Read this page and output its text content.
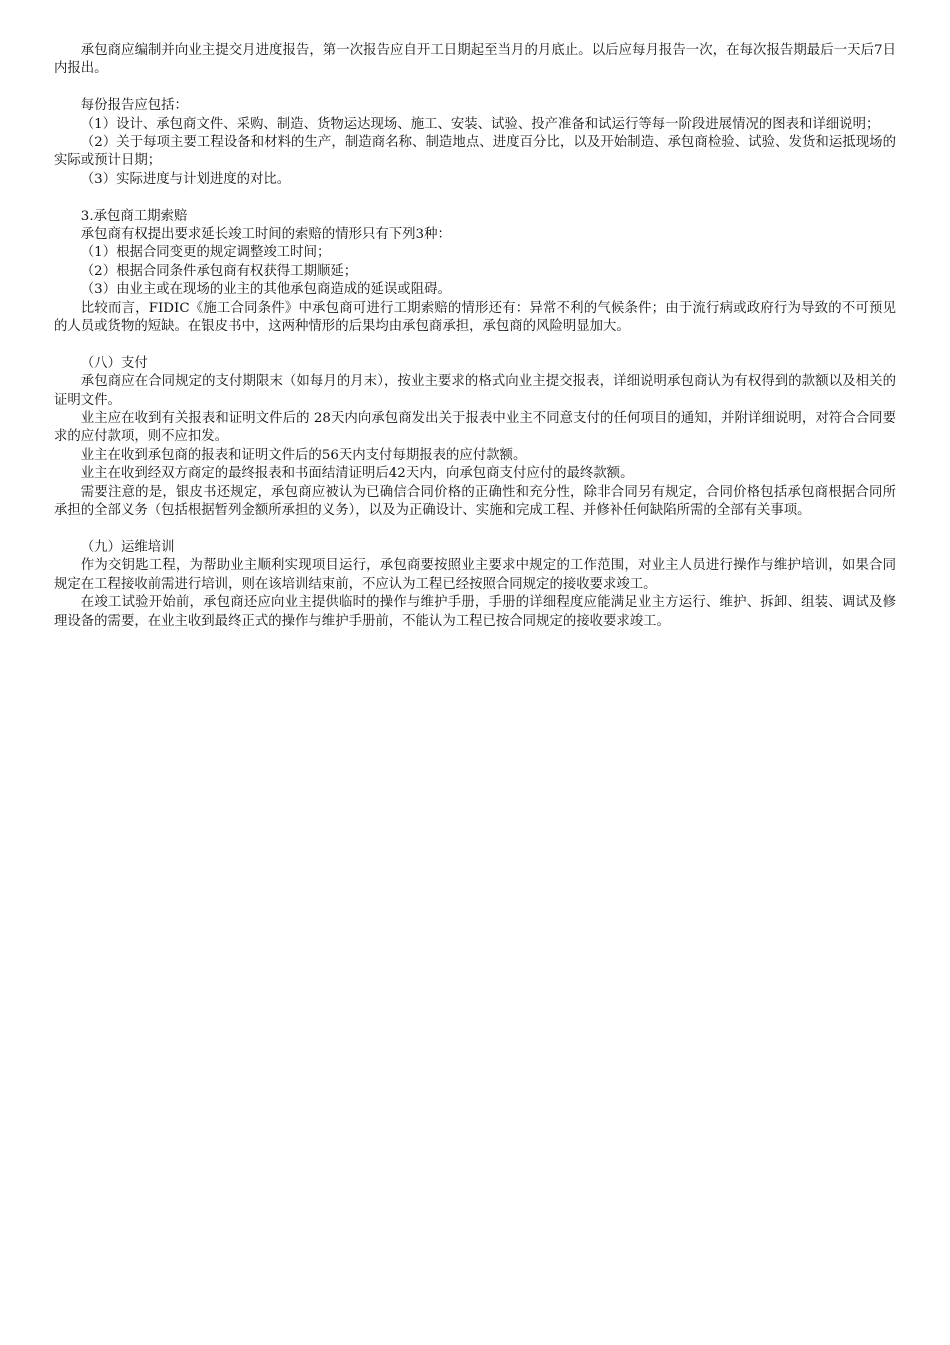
承包商应编制并向业主提交月进度报告，第一次报告应自开工日期起至当月的月底止。以后应每月报告一次，在每次报告期最后一天后7日内报出。

每份报告应包括：

（1）设计、承包商文件、采购、制造、货物运达现场、施工、安装、试验、投产准备和试运行等每一阶段进展情况的图表和详细说明；

（2）关于每项主要工程设备和材料的生产，制造商名称、制造地点、进度百分比，以及开始制造、承包商检验、试验、发货和运抵现场的实际或预计日期；

（3）实际进度与计划进度的对比。

3.承包商工期索赔

承包商有权提出要求延长竣工时间的索赔的情形只有下列3种：

（1）根据合同变更的规定调整竣工时间；

（2）根据合同条件承包商有权获得工期顺延；

（3）由业主或在现场的业主的其他承包商造成的延误或阻碍。

比较而言，FIDIC《施工合同条件》中承包商可进行工期索赔的情形还有：异常不利的气候条件；由于流行病或政府行为导致的不可预见的人员或货物的短缺。在银皮书中，这两种情形的后果均由承包商承担，承包商的风险明显加大。

（八）支付

承包商应在合同规定的支付期限末（如每月的月末），按业主要求的格式向业主提交报表，详细说明承包商认为有权得到的款额以及相关的证明文件。

业主应在收到有关报表和证明文件后的 28天内向承包商发出关于报表中业主不同意支付的任何项目的通知，并附详细说明，对符合合同要求的应付款项，则不应扣发。

业主在收到承包商的报表和证明文件后的56天内支付每期报表的应付款额。

业主在收到经双方商定的最终报表和书面结清证明后42天内，向承包商支付应付的最终款额。

需要注意的是，银皮书还规定，承包商应被认为已确信合同价格的正确性和充分性，除非合同另有规定，合同价格包括承包商根据合同所承担的全部义务（包括根据暂列金额所承担的义务），以及为正确设计、实施和完成工程、并修补任何缺陷所需的全部有关事项。

（九）运维培训

作为交钥匙工程，为帮助业主顺利实现项目运行，承包商要按照业主要求中规定的工作范围，对业主人员进行操作与维护培训，如果合同规定在工程接收前需进行培训，则在该培训结束前，不应认为工程已经按照合同规定的接收要求竣工。

在竣工试验开始前，承包商还应向业主提供临时的操作与维护手册，手册的详细程度应能满足业主方运行、维护、拆卸、组装、调试及修理设备的需要，在业主收到最终正式的操作与维护手册前，不能认为工程已按合同规定的接收要求竣工。
